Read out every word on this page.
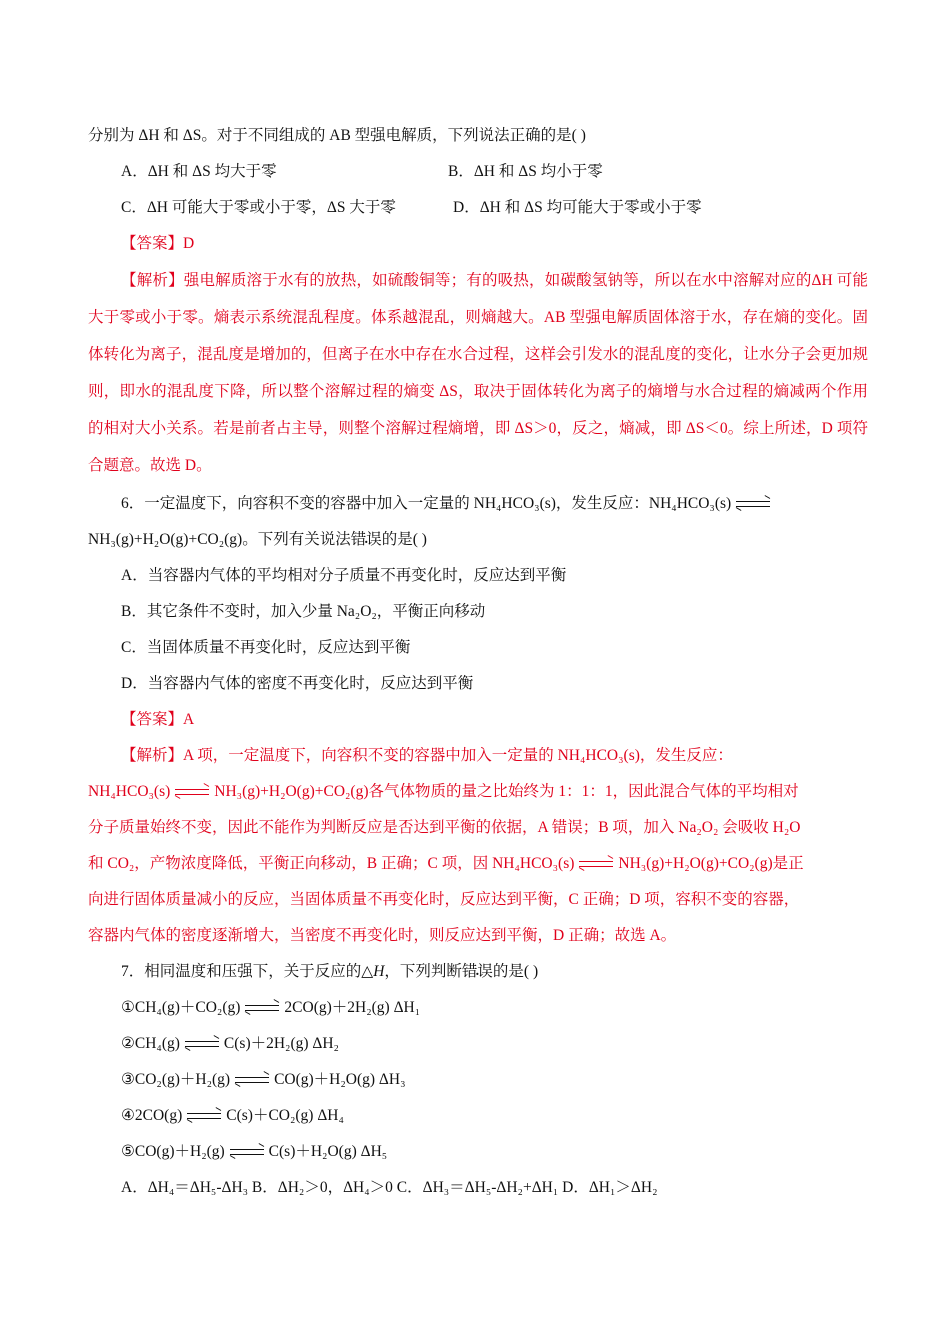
分别为 ΔH 和 ΔS。对于不同组成的 AB 型强电解质，下列说法正确的是( )
A．ΔH 和 ΔS 均大于零	B．ΔH 和 ΔS 均小于零
C．ΔH 可能大于零或小于零，ΔS 大于零	D．ΔH 和 ΔS 均可能大于零或小于零
【答案】D
【解析】强电解质溶于水有的放热，如硫酸铜等；有的吸热，如碳酸氢钠等，所以在水中溶解对应的ΔH 可能大于零或小于零。熵表示系统混乱程度。体系越混乱，则熵越大。AB 型强电解质固体溶于水，存在熵的变化。固体转化为离子，混乱度是增加的，但离子在水中存在水合过程，这样会引发水的混乱度的变化，让水分子会更加规则，即水的混乱度下降，所以整个溶解过程的熵变 ΔS，取决于固体转化为离子的熵增与水合过程的熵减两个作用的相对大小关系。若是前者占主导，则整个溶解过程熵增，即 ΔS＞0，反之，熵减，即 ΔS＜0。综上所述，D 项符合题意。故选 D。
6．一定温度下，向容积不变的容器中加入一定量的 NH₄HCO₃(s)，发生反应：NH₄HCO₃(s)
NH₃(g)+H₂O(g)+CO₂(g)。下列有关说法错误 .的是( )
A．当容器内气体的平均相对分子质量不再变化时，反应达到平衡
B．其它条件不变时，加入少量 Na₂O₂，平衡正向移动
C．当固体质量不再变化时，反应达到平衡
D．当容器内气体的密度不再变化时，反应达到平衡
【答案】A
【解析】A 项，一定温度下，向容积不变的容器中加入一定量的 NH₄HCO₃(s)，发生反应：
NH₄HCO₃(s)	NH₃(g)+H₂O(g)+CO₂(g)各气体物质的量之比始终为 1：1：1，因此混合气体的平均相对
分子质量始终不变，因此不能作为判断反应是否达到平衡的依据，A 错误；B 项，加入 Na₂O₂ 会吸收 H₂O
和 CO₂，产物浓度降低，平衡正向移动，B 正确；C 项，因 NH₄HCO₃(s)	NH₃(g)+H₂O(g)+CO₂(g)是正
向进行固体质量减小的反应，当固体质量不再变化时，反应达到平衡，C 正确；D 项，容积不变的容器，
容器内气体的密度逐渐增大，当密度不再变化时，则反应达到平衡，D 正确；故选 A。
7．相同温度和压强下，关于反应的△H，下列判断错误 .的是( )
①CH₄(g)＋CO₂(g)	2CO(g)＋2H₂(g) ΔH₁
②CH₄(g)	C(s)＋2H₂(g) ΔH₂
③CO₂(g)＋H₂(g)	CO(g)＋H₂O(g) ΔH₃
④2CO(g)	C(s)＋CO₂(g) ΔH₄
⑤CO(g)＋H₂(g)	C(s)＋H₂O(g) ΔH₅
A．ΔH₄＝ΔH₅-ΔH₃ B．ΔH₂＞0，ΔH₄＞0 C．ΔH₃＝ΔH₅-ΔH₂+ΔH₁ D．ΔH₁＞ΔH₂
